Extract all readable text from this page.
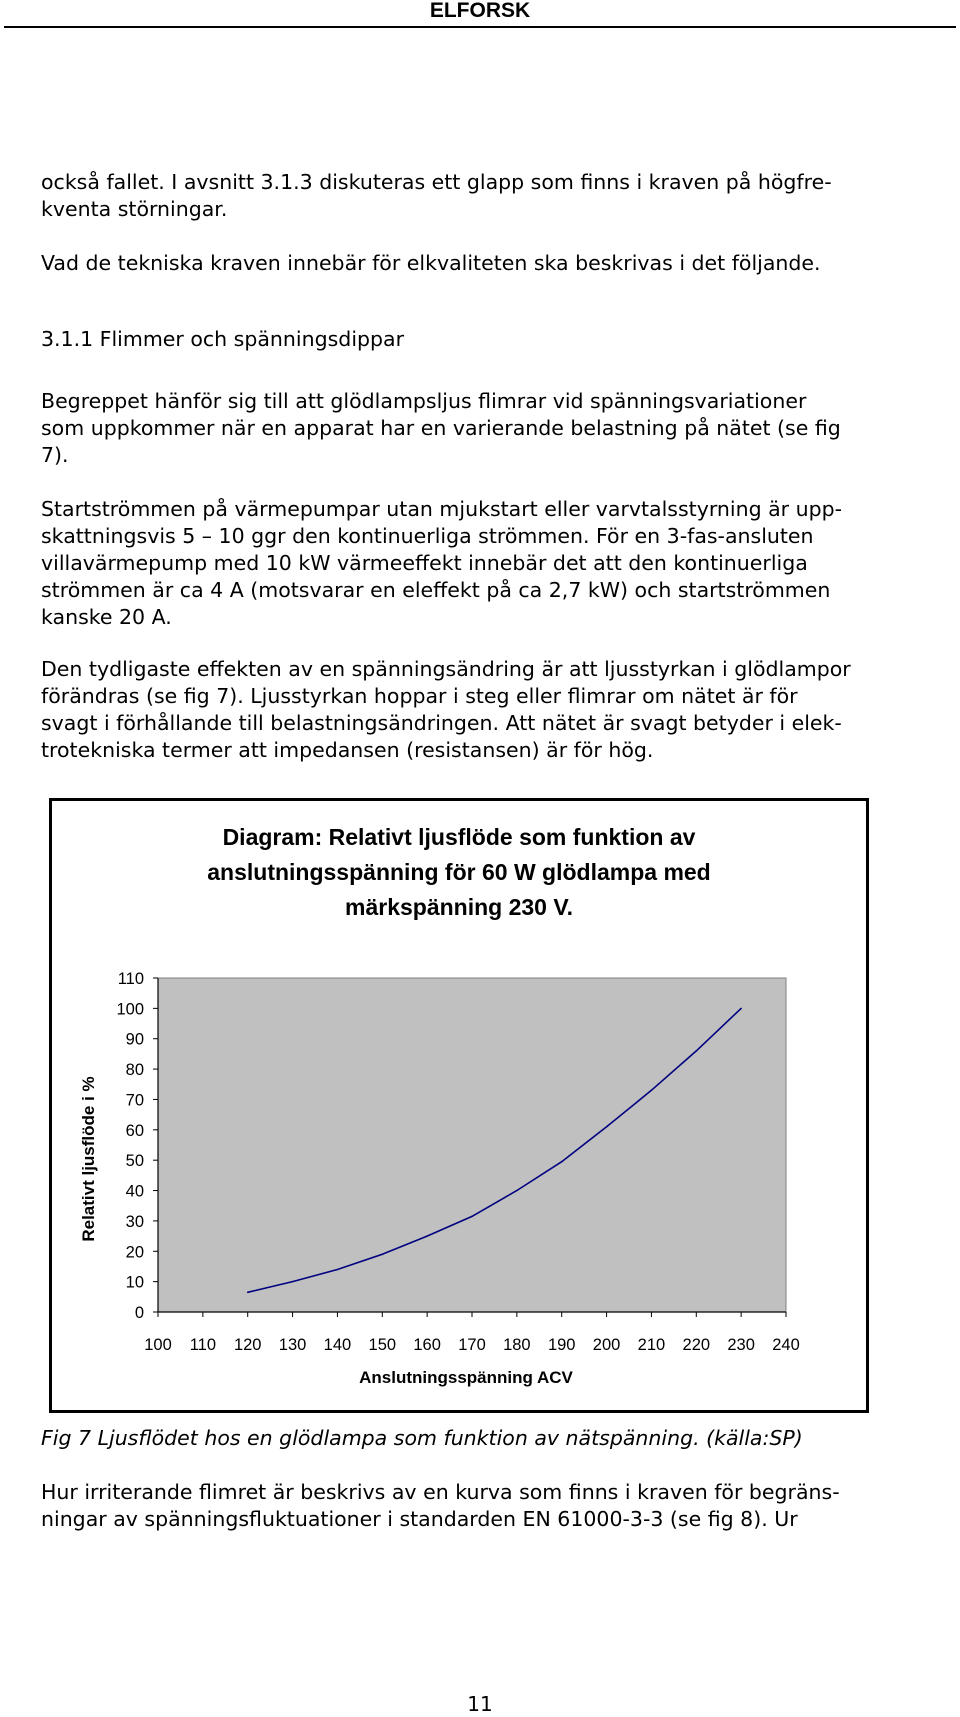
ELFORSK

också fallet. I avsnitt 3.1.3 diskuteras ett glapp som finns i kraven på högfre-

kventa störningar.

Vad de tekniska kraven innebär för elkvaliteten ska beskrivas i det följande.

3.1.1 Flimmer och spänningsdippar

Begreppet hänför sig till att glödlampsljus flimrar vid spänningsvariationer

som uppkommer när en apparat har en varierande belastning på nätet (se fig

7).

Startströmmen på värmepumpar utan mjukstart eller varvtalsstyrning är upp-

skattningsvis 5 – 10 ggr den kontinuerliga strömmen. För en 3-fas-ansluten

villavärmepump med 10 kW värmeeffekt innebär det att den kontinuerliga

strömmen är ca 4 A (motsvarar en eleffekt på ca 2,7 kW) och startströmmen

kanske 20 A.

Den tydligaste effekten av en spänningsändring är att ljusstyrkan i glödlampor

förändras (se fig 7). Ljusstyrkan hoppar i steg eller flimrar om nätet är för

svagt i förhållande till belastningsändringen. Att nätet är svagt betyder i elek-

trotekniska termer att impedansen (resistansen) är för hög.

Diagram: Relativt ljusflöde som funktion av
anslutningsspänning för 60 W glödlampa med
märkspänning 230 V.
0
10
20
30
40
50
60
70
80
90
100
110
100 110 120 130 140 150 160 170 180 190 200 210 220 230 240
Anslutningsspänning ACV
Relativt ljusflöde i %

Fig 7 Ljusflödet hos en glödlampa som funktion av nätspänning. (källa:SP)

Hur irriterande flimret är beskrivs av en kurva som finns i kraven för begräns-

ningar av spänningsfluktuationer i standarden EN 61000-3-3 (se fig 8). Ur

11
